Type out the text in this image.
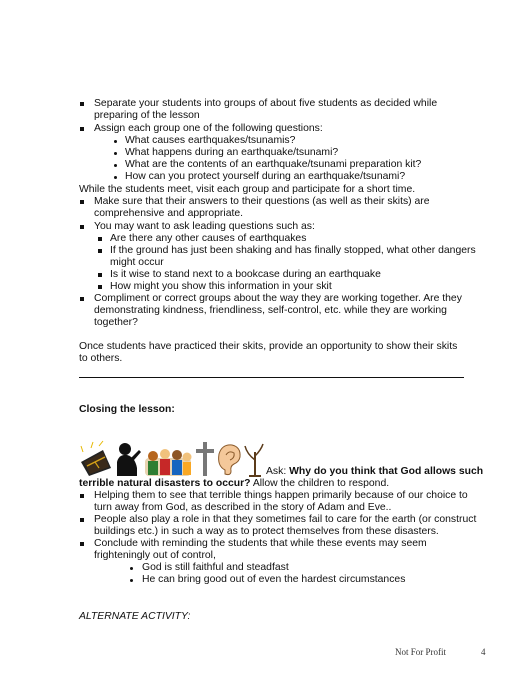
Separate your students into groups of about five students as decided while
preparing of the lesson
Assign each group one of the following questions:
What causes earthquakes/tsunamis?
What happens during an earthquake/tsunami?
What are the contents of an earthquake/tsunami preparation kit?
How can you protect yourself during an earthquake/tsunami?
While the students meet, visit each group and participate for a short time.
Make sure that their answers to their questions (as well as their skits) are
comprehensive and appropriate.
You may want to ask leading questions such as:
Are there any other causes of earthquakes
If the ground has just been shaking and has finally stopped, what other dangers
might occur
Is it wise to stand next to a bookcase during an earthquake
How might you show this information in your skit
Compliment or correct groups about the way they are working together. Are they
demonstrating kindness, friendliness, self-control, etc. while they are working
together?
Once students have practiced their skits, provide an opportunity to show their skits
to others.
Closing the lesson:
Ask: Why do you think that God allows such
terrible natural disasters to occur? Allow the children to respond.
Helping them to see that terrible things happen primarily because of our choice to
turn away from God, as described in the story of Adam and Eve..
People also play a role in that they sometimes fail to care for the earth (or construct
buildings etc.) in such a way as to protect themselves from these disasters.
Conclude with reminding the students that while these events may seem
frighteningly out of control,
God is still faithful and steadfast
He can bring good out of even the hardest circumstances
ALTERNATE ACTIVITY:
Not For Profit	4
